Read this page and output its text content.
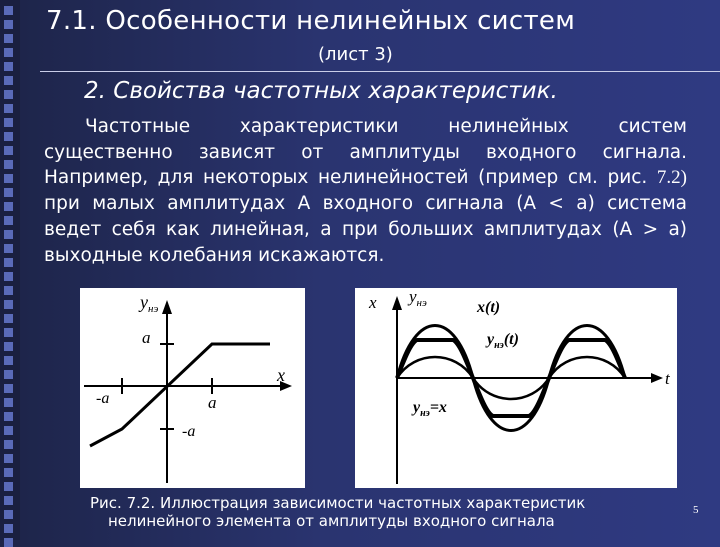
7.1. Особенности нелинейных систем
(лист 3)
2. Свойства частотных характеристик.
Частотные характеристики нелинейных систем существенно зависят от амплитуды входного сигнала. Например, для некоторых нелинейностей (пример см. рис. 7.2) при малых амплитудах А входного сигнала (А < а) система ведет себя как линейная, а при больших амплитудах (А > а) выходные колебания искажаются.
$y_{нэ}$
a
x
-a	a
-a
x $y_{нэ}$	x(t)
$y_{нэ}(t)$
t
$y_{нэ}=x$
Рис. 7.2. Иллюстрация зависимости частотных характеристик
нелинейного элемента от амплитуды входного сигнала
5
